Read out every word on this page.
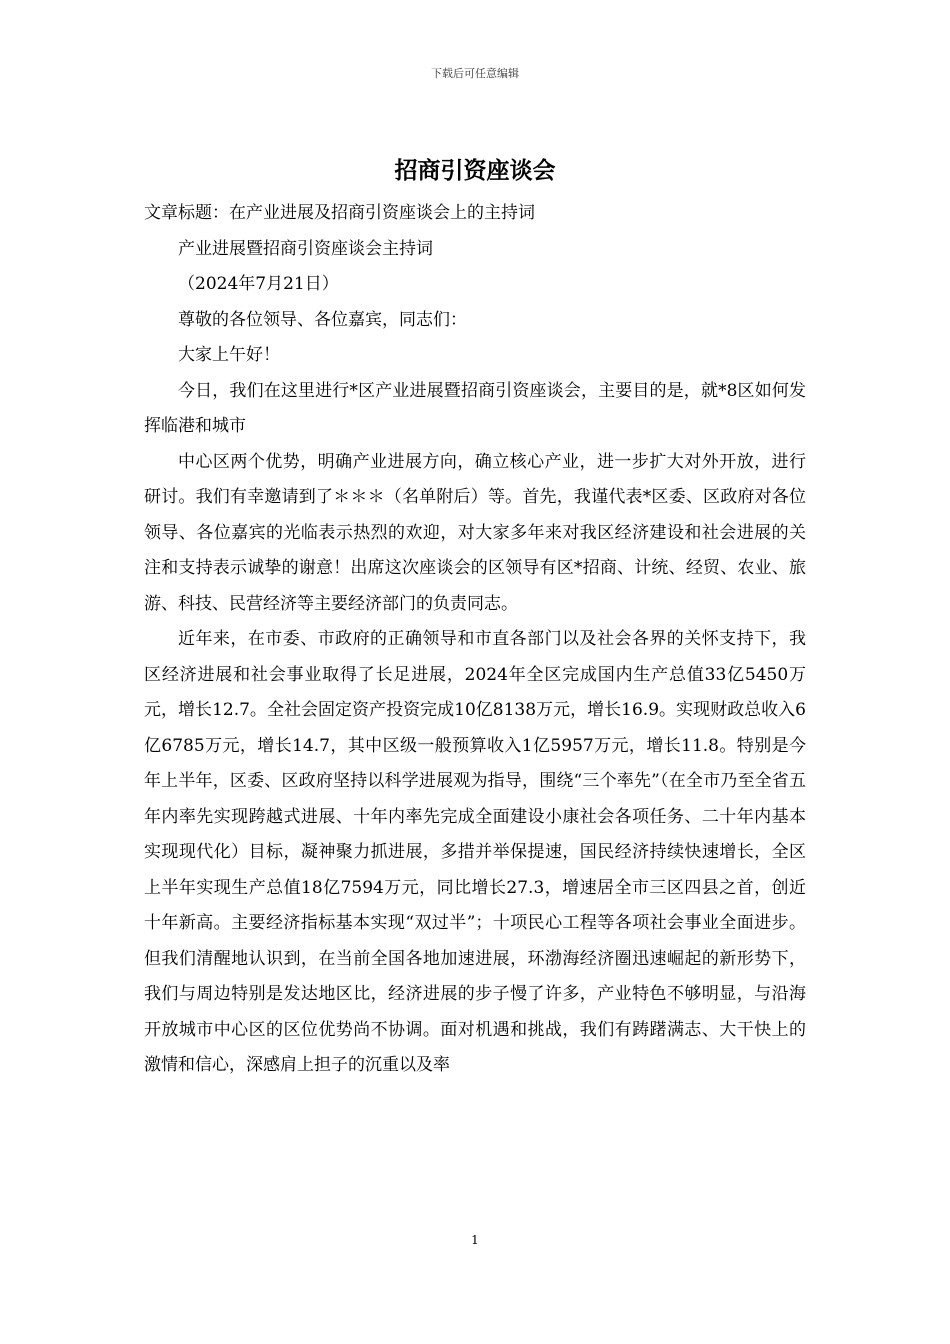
下载后可任意编辑
招商引资座谈会

文章标题：在产业进展及招商引资座谈会上的主持词

产业进展暨招商引资座谈会主持词

（2024年7月21日）

尊敬的各位领导、各位嘉宾，同志们：

大家上午好！

今日，我们在这里进行*区产业进展暨招商引资座谈会，主要目的是，就*8区如何发挥临港和城市

中心区两个优势，明确产业进展方向，确立核心产业，进一步扩大对外开放，进行研讨。我们有幸邀请到了＊＊＊（名单附后）等。首先，我谨代表*区委、区政府对各位领导、各位嘉宾的光临表示热烈的欢迎，对大家多年来对我区经济建设和社会进展的关注和支持表示诚挚的谢意！出席这次座谈会的区领导有区*招商、计统、经贸、农业、旅游、科技、民营经济等主要经济部门的负责同志。

近年来，在市委、市政府的正确领导和市直各部门以及社会各界的关怀支持下，我区经济进展和社会事业取得了长足进展，2024年全区完成国内生产总值33亿5450万元，增长12.7。全社会固定资产投资完成10亿8138万元，增长16.9。实现财政总收入6亿6785万元，增长14.7，其中区级一般预算收入1亿5957万元，增长11.8。特别是今年上半年，区委、区政府坚持以科学进展观为指导，围绕“三个率先”（在全市乃至全省五年内率先实现跨越式进展、十年内率先完成全面建设小康社会各项任务、二十年内基本实现现代化）目标，凝神聚力抓进展，多措并举保提速，国民经济持续快速增长，全区上半年实现生产总值18亿7594万元，同比增长27.3，增速居全市三区四县之首，创近十年新高。主要经济指标基本实现“双过半”；十项民心工程等各项社会事业全面进步。但我们清醒地认识到，在当前全国各地加速进展，环渤海经济圈迅速崛起的新形势下，我们与周边特别是发达地区比，经济进展的步子慢了许多，产业特色不够明显，与沿海开放城市中心区的区位优势尚不协调。面对机遇和挑战，我们有踌躇满志、大干快上的激情和信心，深感肩上担子的沉重以及率

1
